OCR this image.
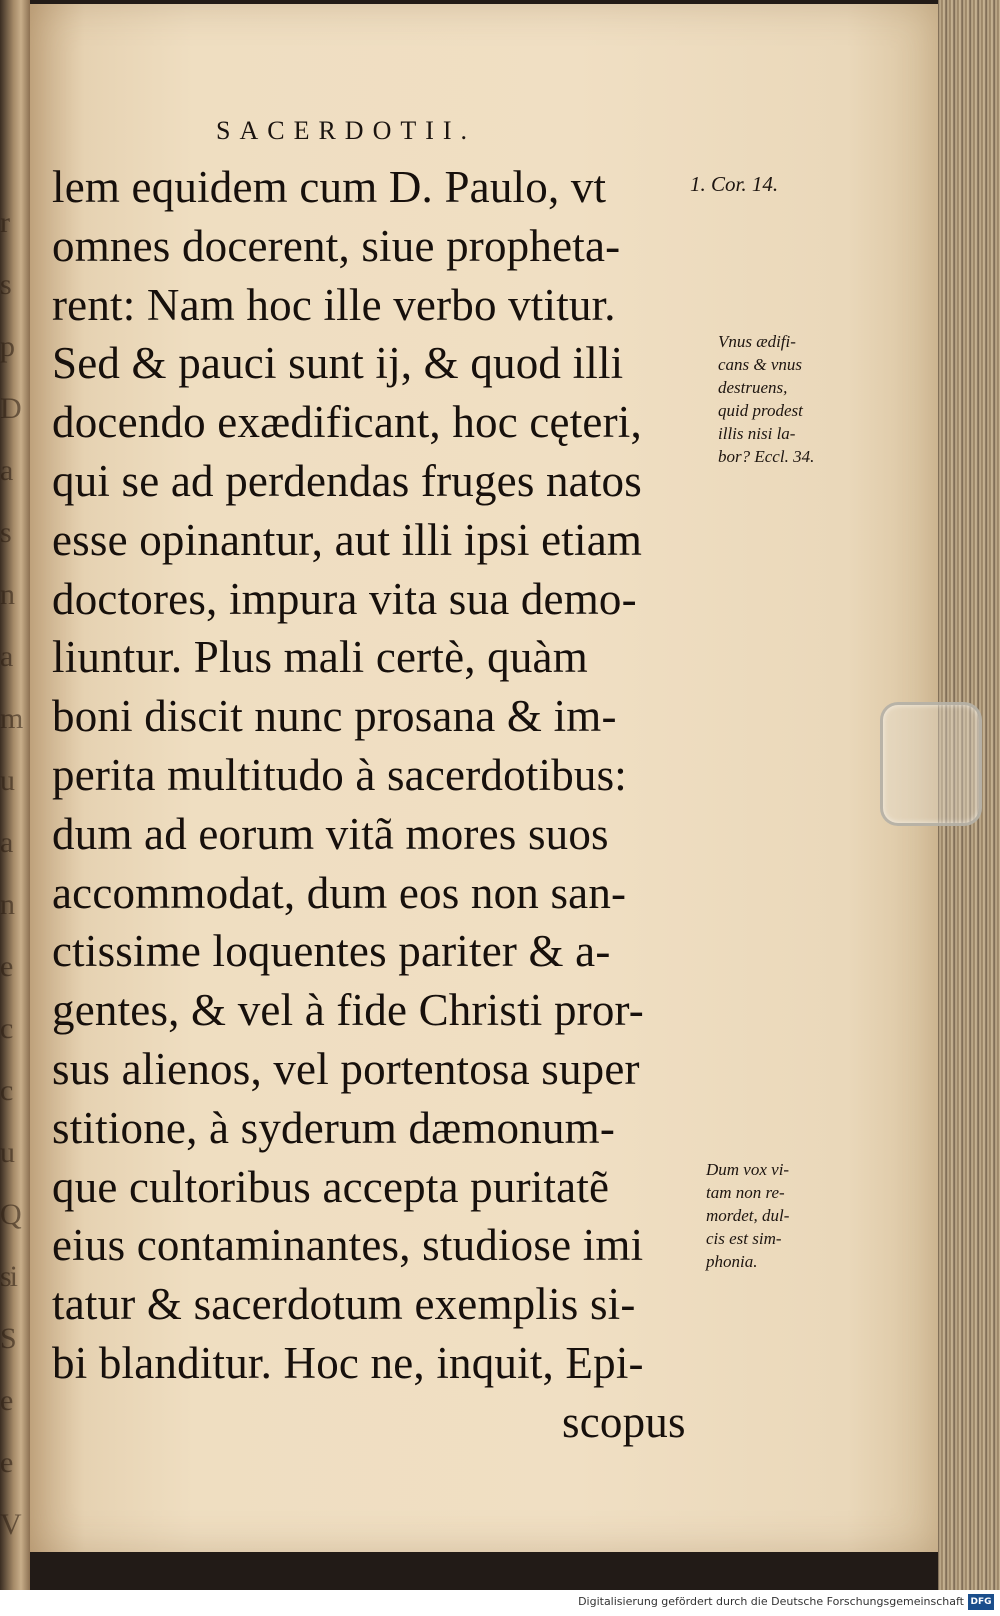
r
s
p
D
a
s
n
a
m
u
a
n
e
c
c
u
Q
si
S
e
e
V
SACERDOTII.
1. Cor. 14.
lem equidem cum D. Paulo, vt
omnes docerent, siue propheta-
rent: Nam hoc ille verbo vtitur.
Sed & pauci sunt ij, & quod illi
docendo exædificant, hoc cęteri,
qui se ad perdendas fruges natos
esse opinantur, aut illi ipsi etiam
doctores, impura vita sua demo-
liuntur. Plus mali certè, quàm
boni discit nunc prosana & im-
perita multitudo à sacerdotibus:
dum ad eorum vitã mores suos
accommodat, dum eos non san-
ctissime loquentes pariter & a-
gentes, & vel à fide Christi pror-
sus alienos, vel portentosa super
stitione, à syderum dæmonum-
que cultoribus accepta puritatẽ
eius contaminantes, studiose imi
tatur & sacerdotum exemplis si-
bi blanditur. Hoc ne, inquit, Epi-
scopus
Vnus ædifi-
cans & vnus
destruens,
quid prodest
illis nisi la-
bor? Eccl. 34.
Dum vox vi-
tam non re-
mordet, dul-
cis est sim-
phonia.
Digitalisierung gefördert durch die Deutsche Forschungsgemeinschaft DFG
